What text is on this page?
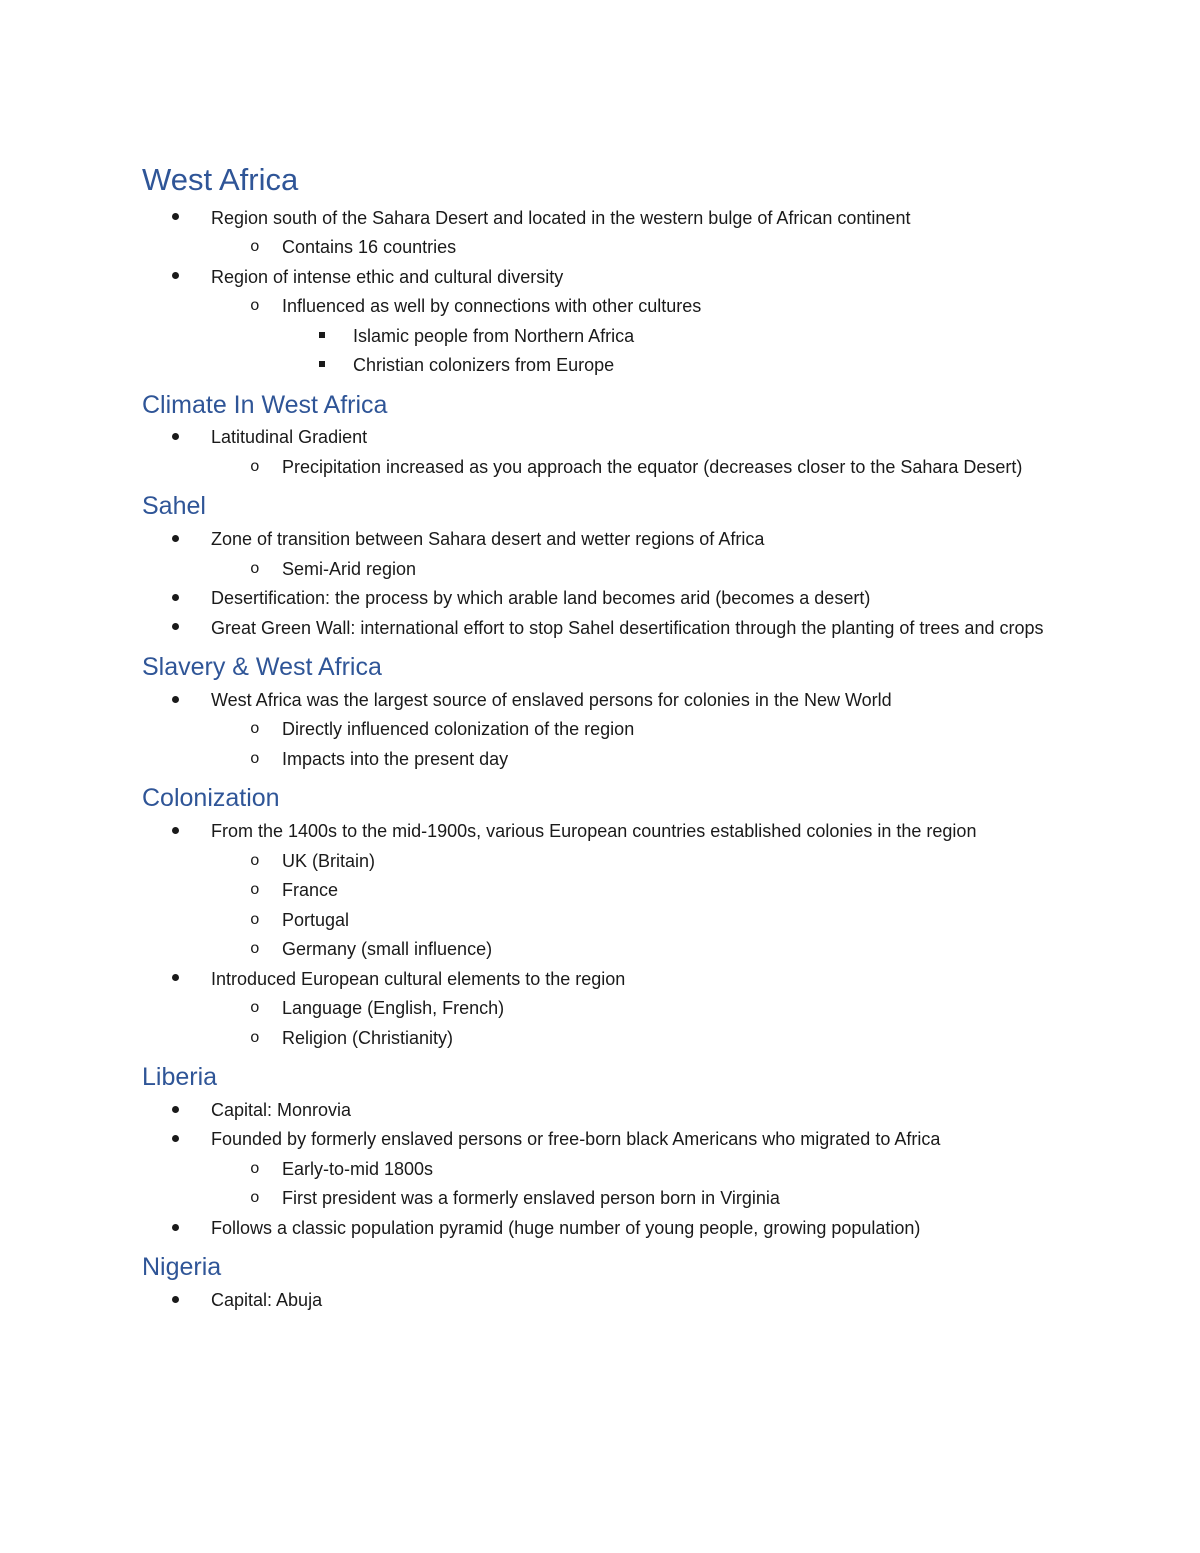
West Africa
Region south of the Sahara Desert and located in the western bulge of African continent
o Contains 16 countries
Region of intense ethic and cultural diversity
o Influenced as well by connections with other cultures
Islamic people from Northern Africa
Christian colonizers from Europe
Climate In West Africa
Latitudinal Gradient
o Precipitation increased as you approach the equator (decreases closer to the Sahara Desert)
Sahel
Zone of transition between Sahara desert and wetter regions of Africa
o Semi-Arid region
Desertification: the process by which arable land becomes arid (becomes a desert)
Great Green Wall: international effort to stop Sahel desertification through the planting of trees and crops
Slavery & West Africa
West Africa was the largest source of enslaved persons for colonies in the New World
o Directly influenced colonization of the region
o Impacts into the present day
Colonization
From the 1400s to the mid-1900s, various European countries established colonies in the region
o UK (Britain)
o France
o Portugal
o Germany (small influence)
Introduced European cultural elements to the region
o Language (English, French)
o Religion (Christianity)
Liberia
Capital: Monrovia
Founded by formerly enslaved persons or free-born black Americans who migrated to Africa
o Early-to-mid 1800s
o First president was a formerly enslaved person born in Virginia
Follows a classic population pyramid (huge number of young people, growing population)
Nigeria
Capital: Abuja
